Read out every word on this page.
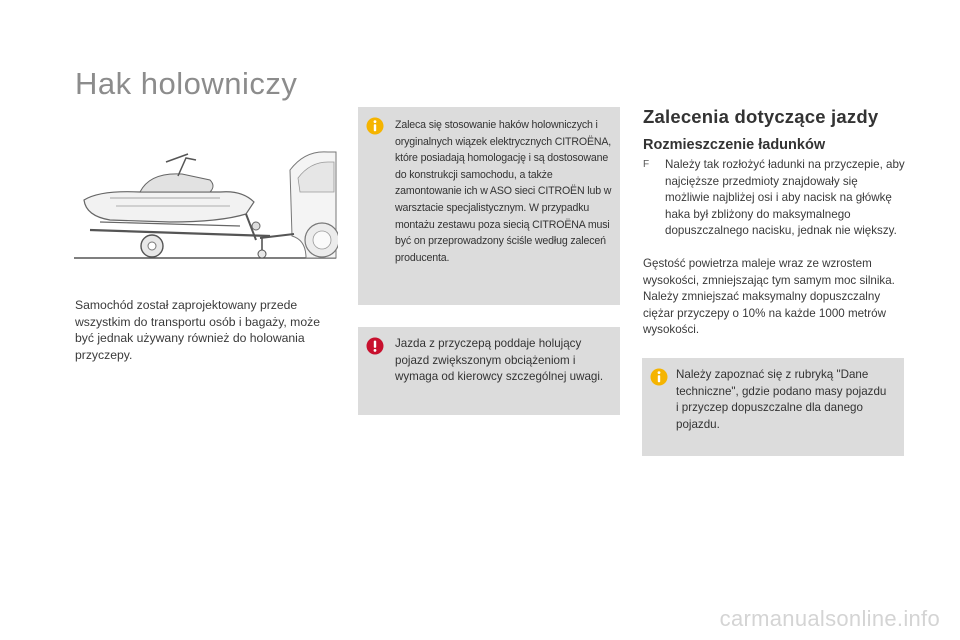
Hak holowniczy
Samochód został zaprojektowany przede wszystkim do transportu osób i bagaży, może być jednak używany również do holowania przyczepy.
Zaleca się stosowanie haków holowniczych i oryginalnych wiązek elektrycznych CITROËNA, które posiadają homologację i są dostosowane do konstrukcji samochodu, a także zamontowanie ich w ASO sieci CITROËN lub w warsztacie specjalistycznym. W przypadku montażu zestawu poza siecią CITROËNA musi być on przeprowadzony ściśle według zaleceń producenta.
Jazda z przyczepą poddaje holujący pojazd zwiększonym obciążeniom i wymaga od kierowcy szczególnej uwagi.
Zalecenia dotyczące jazdy
Rozmieszczenie ładunków
F Należy tak rozłożyć ładunki na przyczepie, aby najcięższe przedmioty znajdowały się możliwie najbliżej osi i aby nacisk na główkę haka był zbliżony do maksymalnego dopuszczalnego nacisku, jednak nie większy.
Gęstość powietrza maleje wraz ze wzrostem wysokości, zmniejszając tym samym moc silnika. Należy zmniejszać maksymalny dopuszczalny ciężar przyczepy o 10% na każde 1000 metrów wysokości.
Należy zapoznać się z rubryką "Dane techniczne", gdzie podano masy pojazdu i przyczep dopuszczalne dla danego pojazdu.
carmanualsonline.info
